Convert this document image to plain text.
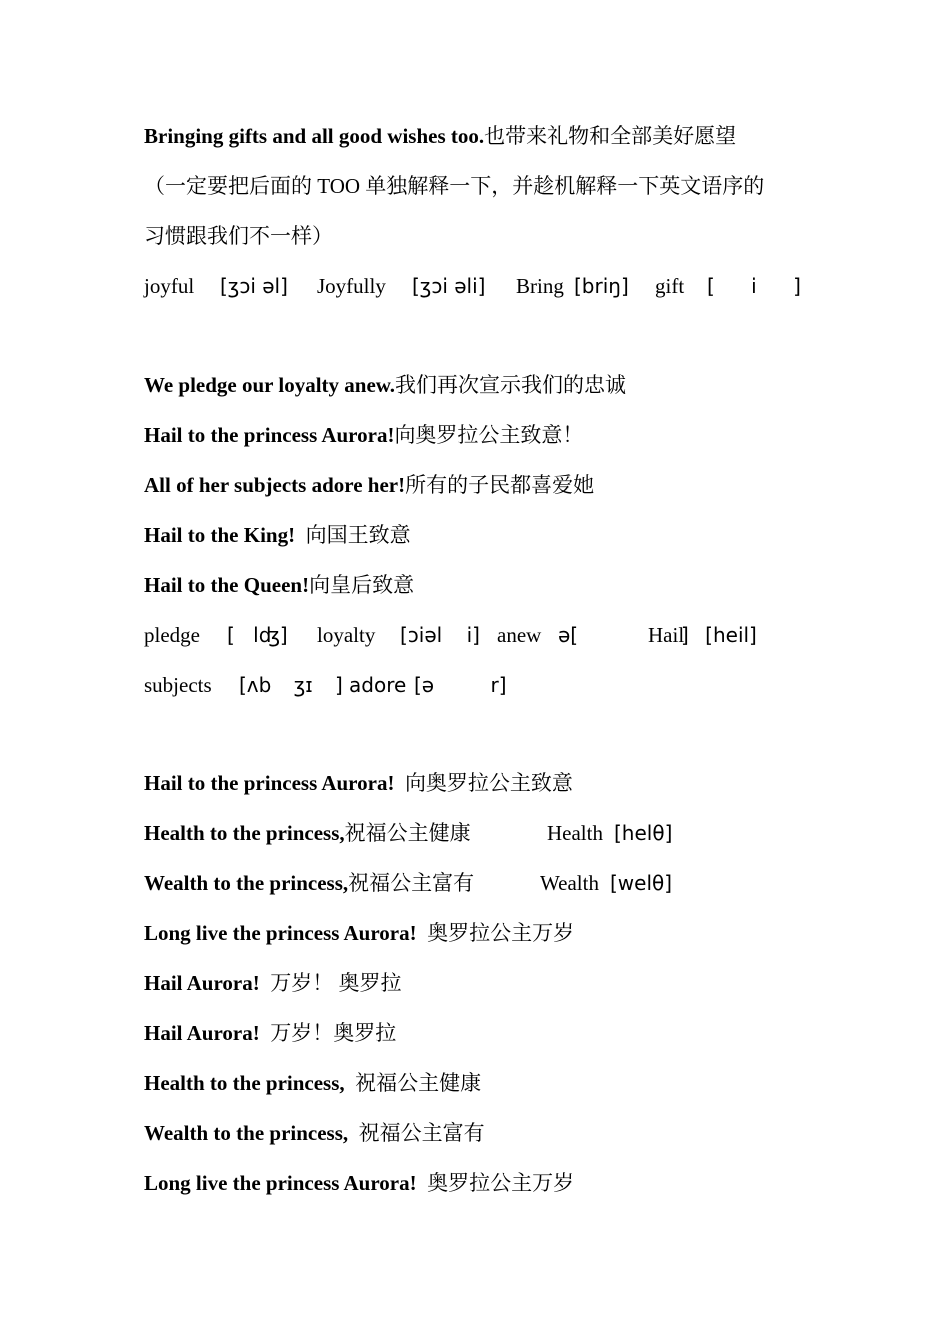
Bringing gifts and all good wishes too.也带来礼物和全部美好愿望
（一定要把后面的 TOO 单独解释一下，并趁机解释一下英文语序的
习惯跟我们不一样）
joyful [ʒɔi əl] Joyfully [ʒɔi əli] Bring [briŋ] gift [ i ]
We pledge our loyalty anew.我们再次宣示我们的忠诚
Hail to the princess Aurora!向奥罗拉公主致意！
All of her subjects adore her!所有的子民都喜爱她
Hail to the King! 向国王致意
Hail to the Queen!向皇后致意
pledge [ lʤ] loyalty [ɔiəl i] anew ə[	Hail
] [heil]
subjects [ʌb ʒɪ ] adore [ə r]
Hail to the princess Aurora! 向奥罗拉公主致意
Health to the princess,祝福公主健康	Health [helθ]
Wealth to the princess,祝福公主富有	Wealth [welθ]
Long live the princess Aurora! 奥罗拉公主万岁
Hail Aurora! 万岁！ 奥罗拉
Hail Aurora! 万岁！奥罗拉
Health to the princess, 祝福公主健康
Wealth to the princess, 祝福公主富有
Long live the princess Aurora! 奥罗拉公主万岁
